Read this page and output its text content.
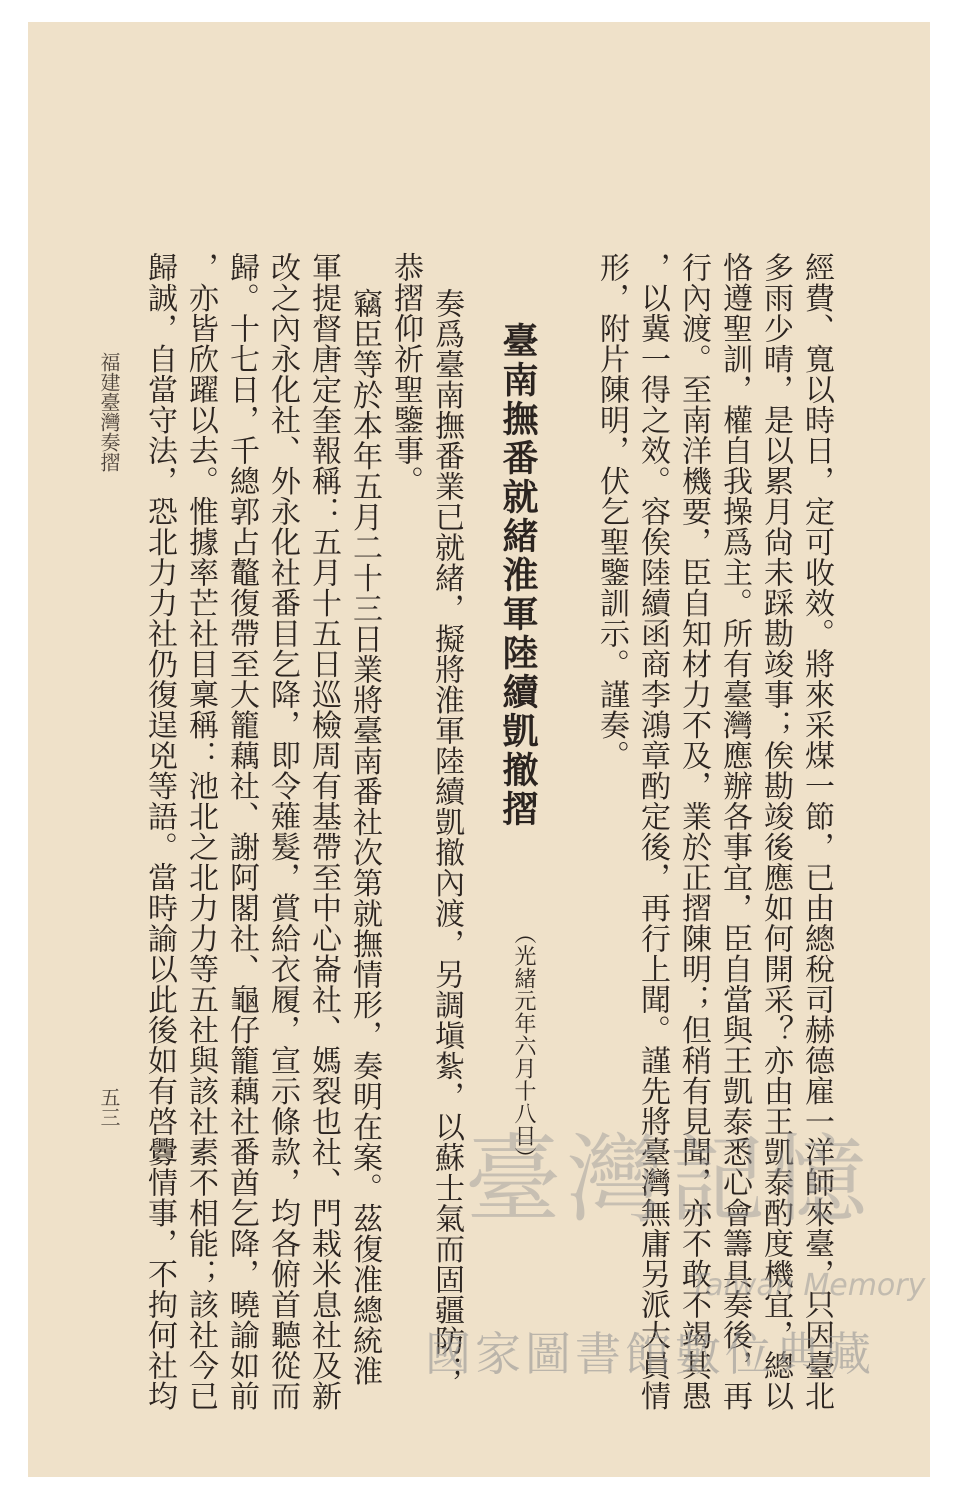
經費、寬以時日，定可收效。將來采煤一節，已由總稅司赫德雇一洋師來臺，只因臺北
多雨少晴，是以累月尙未踩勘竣事；俟勘竣後應如何開采？亦由王凱泰酌度機宜，總以
恪遵聖訓，權自我操爲主。所有臺灣應辦各事宜，臣自當與王凱泰悉心會籌具奏後，再
行內渡。至南洋機要，臣自知材力不及，業於正摺陳明；但稍有見聞，亦不敢不竭其愚
，以冀一得之效。容俟陸續函商李鴻章酌定後，再行上聞。謹先將臺灣無庸另派大員情
形，附片陳明，伏乞聖鑒訓示。謹奏。
臺南撫番就緒淮軍陸續凱撤摺
（光緒元年六月十八日）
奏爲臺南撫番業已就緒，擬將淮軍陸續凱撤內渡，另調塡紮，以蘇士氣而固疆防；
恭摺仰祈聖鑒事。
竊臣等於本年五月二十三日業將臺南番社次第就撫情形，奏明在案。茲復准總統淮
軍提督唐定奎報稱：五月十五日巡檢周有基帶至中心崙社、媽裂也社、門栽米息社及新
改之內永化社、外永化社番目乞降，即令薙髮，賞給衣履，宣示條款，均各俯首聽從而
歸。十七日，千總郭占鼇復帶至大籠藕社、謝阿閣社、龜仔籠藕社番酋乞降，曉諭如前
，亦皆欣躍以去。惟據率芒社目稟稱：池北之北力力等五社與該社素不相能；該社今已
歸誠，自當守法，恐北力力社仍復逞兇等語。當時諭以此後如有啓釁情事，不拘何社均
福建臺灣奏摺
五三
臺灣記憶
Taiwan Memory
國家圖書館數位典藏
